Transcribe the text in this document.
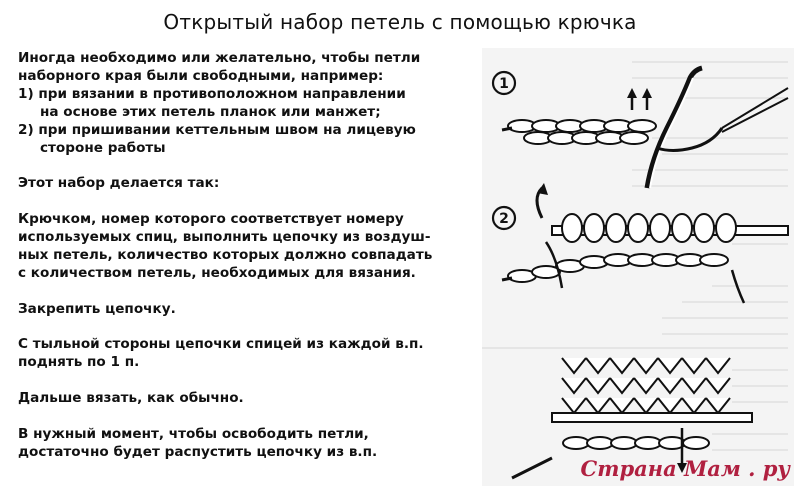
Открытый набор петель с помощью крючка

Иногда необходимо или желательно, чтобы петли

наборного края были свободными, например:

1) при вязании в противоположном направлении

на основе этих петель планок или манжет;

2) при пришивании кеттельным швом на лицевую

стороне работы

Этот набор делается так:

Крючком, номер которого соответствует номеру

используемых спиц, выполнить цепочку из воздуш-

ных петель, количество которых должно совпадать

с количеством петель, необходимых для вязания.

Закрепить цепочку.

С тыльной стороны цепочки спицей из каждой в.п.

поднять по 1 п.

Дальше вязать, как обычно.

В нужный момент, чтобы освободить петли,

достаточно будет распустить цепочку из в.п.

1
2
Страна Мам . ру
